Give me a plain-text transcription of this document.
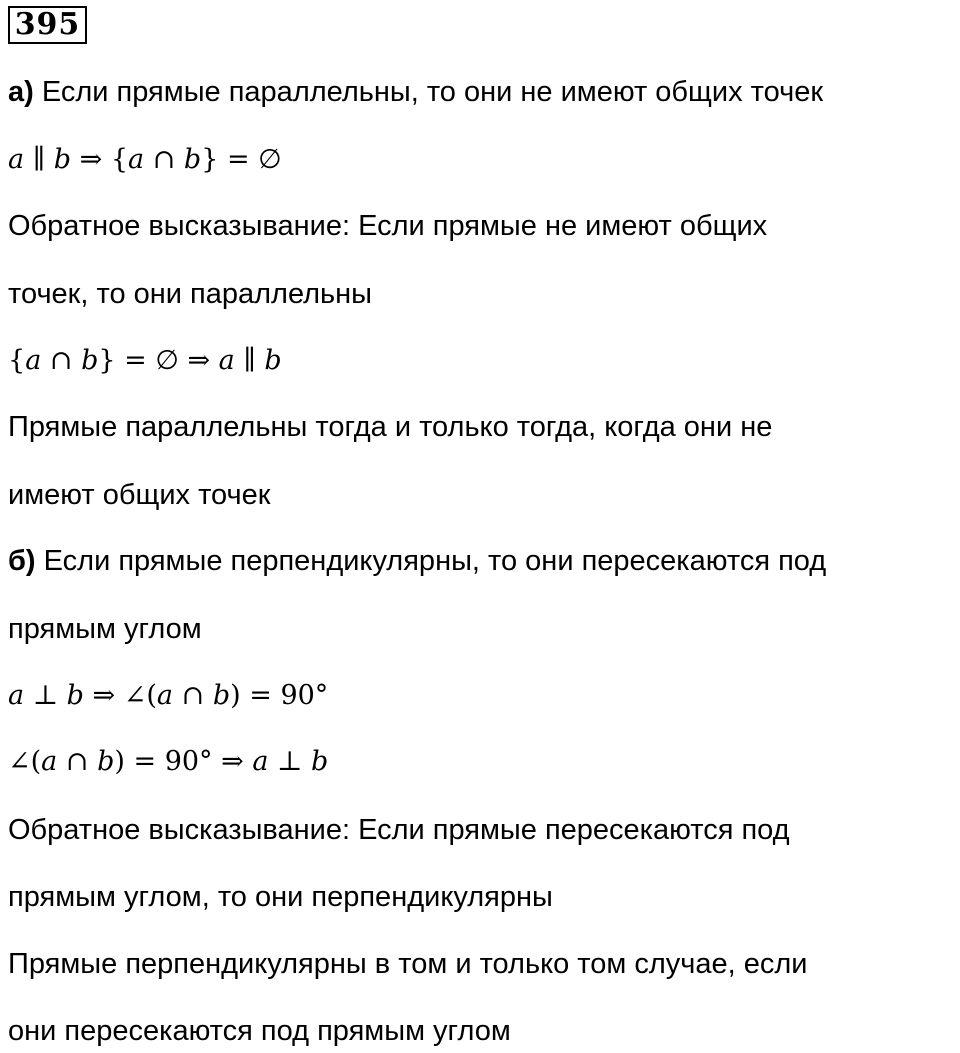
395
а) Если прямые параллельны, то они не имеют общих точек
a ∥ b ⇒ {a ∩ b} = ∅
Обратное высказывание: Если прямые не имеют общих
точек, то они параллельны
{a ∩ b} = ∅ ⇒ a ∥ b
Прямые параллельны тогда и только тогда, когда они не
имеют общих точек
б) Если прямые перпендикулярны, то они пересекаются под
прямым углом
a ⊥ b ⇒ ∠(a ∩ b) = 90°
∠(a ∩ b) = 90° ⇒ a ⊥ b
Обратное высказывание: Если прямые пересекаются под
прямым углом, то они перпендикулярны
Прямые перпендикулярны в том и только том случае, если
они пересекаются под прямым углом
